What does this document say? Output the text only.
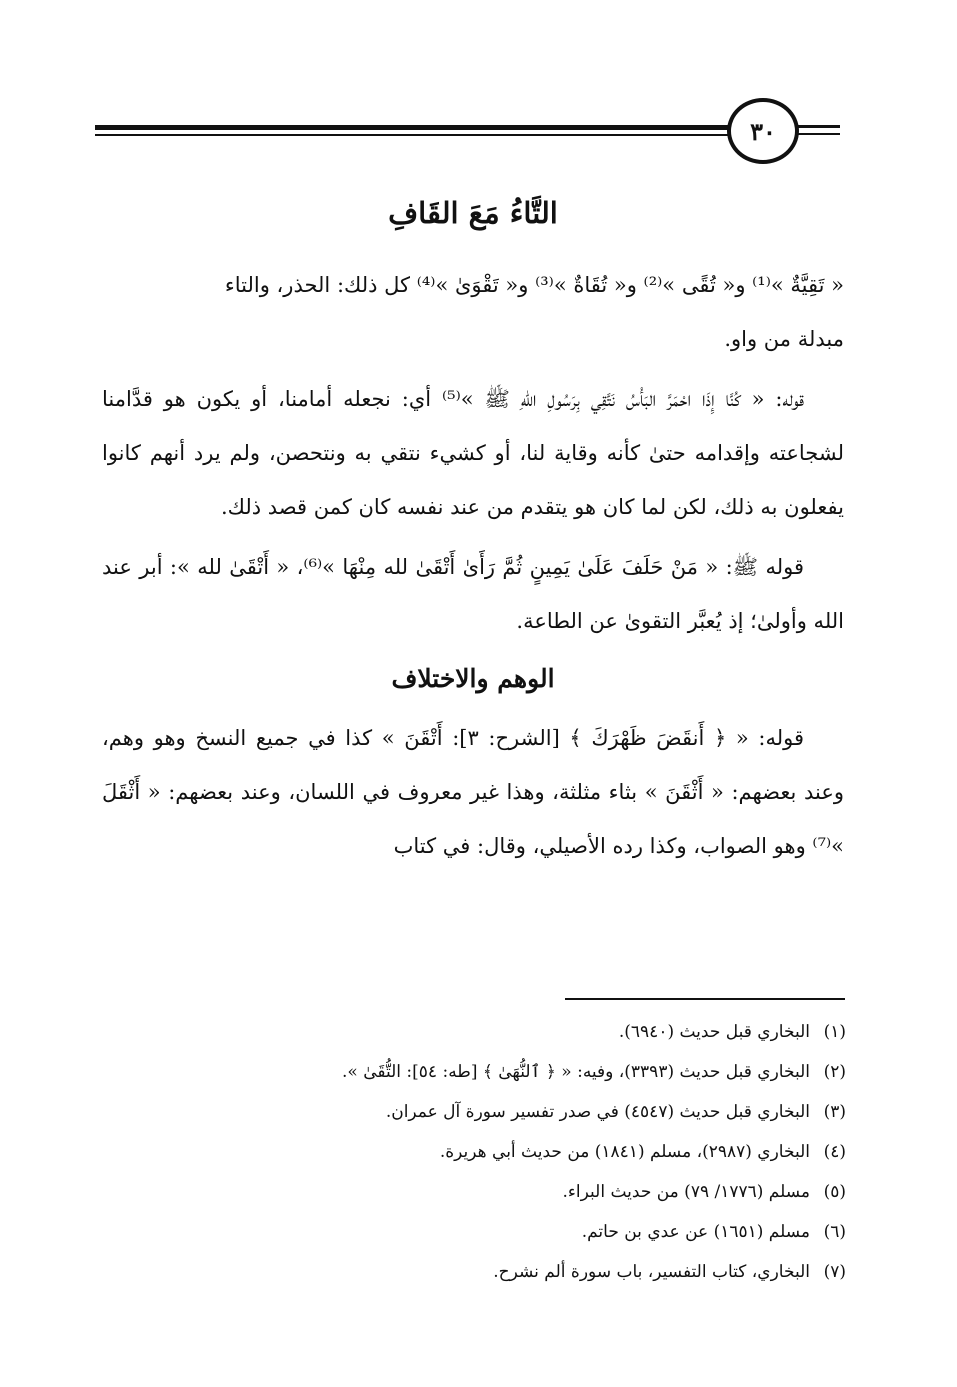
٣٠
التَّاءُ مَعَ القَافِ

« تَقِيَّةٌ »⁽¹⁾ و« تُقًى »⁽²⁾ و« تُقَاةٌ »⁽³⁾ و« تَقْوَىٰ »⁽⁴⁾ كل ذلك: الحذر، والتاء
مبدلة من واو.

قوله: « كُنَّا إِذَا احْمَرَّ البَأْسُ نَتَّقِي بِرَسُولِ اللهِ ﷺ »⁽⁵⁾ أي: نجعله أمامنا، أو يكون هو قدَّامنا لشجاعته وإقدامه حتىٰ كأنه وقاية لنا، أو كشيء نتقي به ونتحصن، ولم يرد أنهم كانوا يفعلون به ذلك، لكن لما كان هو يتقدم من عند نفسه كان كمن قصد ذلك.

قوله ﷺ: « مَنْ حَلَفَ عَلَىٰ يَمِينٍ ثُمَّ رَأَىٰ أَتْقَىٰ لله مِنْهَا »⁽⁶⁾، « أَتْقَىٰ لله »: أبر عند الله وأولىٰ؛ إذ يُعبَّر التقوىٰ عن الطاعة.

الوهم والاختلاف

قوله: « ﴿ أَنقَضَ ظَهْرَكَ ﴾ [الشرح: ٣]: أَتْقَنَ » كذا في جميع النسخ وهو وهم، وعند بعضهم: « أَثْقَنَ » بثاء مثلثة، وهذا غير معروف في اللسان، وعند بعضهم: « أَثْقَلَ »⁽⁷⁾ وهو الصواب، وكذا رده الأصيلي، وقال: في كتاب

(١)البخاري قبل حديث (٦٩٤٠).
(٢)البخاري قبل حديث (٣٣٩٣)، وفيه: « ﴿ ٱلنُّهَىٰ ﴾ [طه: ٥٤]: التُّقَىٰ ».
(٣)البخاري قبل حديث (٤٥٤٧) في صدر تفسير سورة آل عمران.
(٤)البخاري (٢٩٨٧)، مسلم (١٨٤١) من حديث أبي هريرة.
(٥)مسلم (١٧٧٦/ ٧٩) من حديث البراء.
(٦)مسلم (١٦٥١) عن عدي بن حاتم.
(٧)البخاري، كتاب التفسير، باب سورة ألم نشرح.
